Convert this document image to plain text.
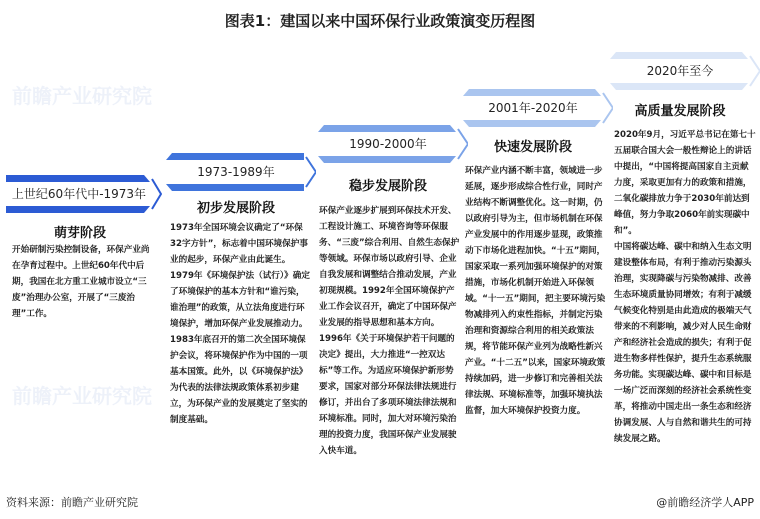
前瞻产业研究院
前瞻产业研究院
图表1：建国以来中国环保行业政策演变历程图
上世纪60年代中-1973年
萌芽阶段

开始研制污染控制设备，环保产业尚在孕育过程中。上世纪60年代中后期，我国在北方重工业城市设立“三废”治理办公室，开展了“三废治理”工作。

1973-1989年
初步发展阶段

1973年全国环境会议确定了“环保32字方针”，标志着中国环境保护事业的起步，环保产业由此诞生。1979年《环境保护法（试行）》确定了环境保护的基本方针和“谁污染，谁治理”的政策，从立法角度进行环境保护，增加环保产业发展推动力。1983年底召开的第二次全国环境保护会议，将环境保护作为中国的一项基本国策。此外，以《环境保护法》为代表的法律法规政策体系初步建立，为环保产业的发展奠定了坚实的制度基础。

1990-2000年
稳步发展阶段

环保产业逐步扩展到环保技术开发、工程设计施工、环境咨询等环保服务、“三废”综合利用、自然生态保护等领域。环保市场以政府引导、企业自我发展和调整结合推动发展，产业初现规模。1992年全国环境保护产业工作会议召开，确定了中国环保产业发展的指导思想和基本方向。1996年《关于环境保护若干问题的决定》提出，大力推进“一控双达标”等工作。为适应环境保护新形势要求，国家对部分环保法律法规进行修订，并出台了多项环境法律法规和环境标准。同时，加大对环境污染治理的投资力度，我国环保产业发展驶入快车道。

2001年-2020年
快速发展阶段

环保产业内涵不断丰富，领域进一步延展，逐步形成综合性行业，同时产业结构不断调整优化。这一时期，仍以政府引导为主，但市场机制在环保产业发展中的作用逐步显现，政策推动下市场化进程加快。“十五”期间，国家采取一系列加强环境保护的对策措施，市场化机制开始进入环保领域。“十一五”期间，把主要环境污染物减排列入约束性指标，并制定污染治理和资源综合利用的相关政策法规，将节能环保产业列为战略性新兴产业。“十二五”以来，国家环境政策持续加码，进一步修订和完善相关法律法规、环境标准等，加强环境执法监督，加大环境保护投资力度。

2020年至今
高质量发展阶段

2020年9月，习近平总书记在第七十五届联合国大会一般性辩论上的讲话中提出，“中国将提高国家自主贡献力度，采取更加有力的政策和措施，二氧化碳排放力争于2030年前达到峰值，努力争取2060年前实现碳中和”。

中国将碳达峰、碳中和纳入生态文明建设整体布局，有利于推动污染源头治理，实现降碳与污染物减排、改善生态环境质量协同增效；有利于减缓气候变化特别是由此造成的极端天气带来的不利影响，减少对人民生命财产和经济社会造成的损失；有利于促进生物多样性保护，提升生态系统服务功能。实现碳达峰、碳中和目标是一场广泛而深刻的经济社会系统性变革，将推动中国走出一条生态和经济协调发展、人与自然和谐共生的可持续发展之路。

资料来源：前瞻产业研究院	@前瞻经济学人APP
